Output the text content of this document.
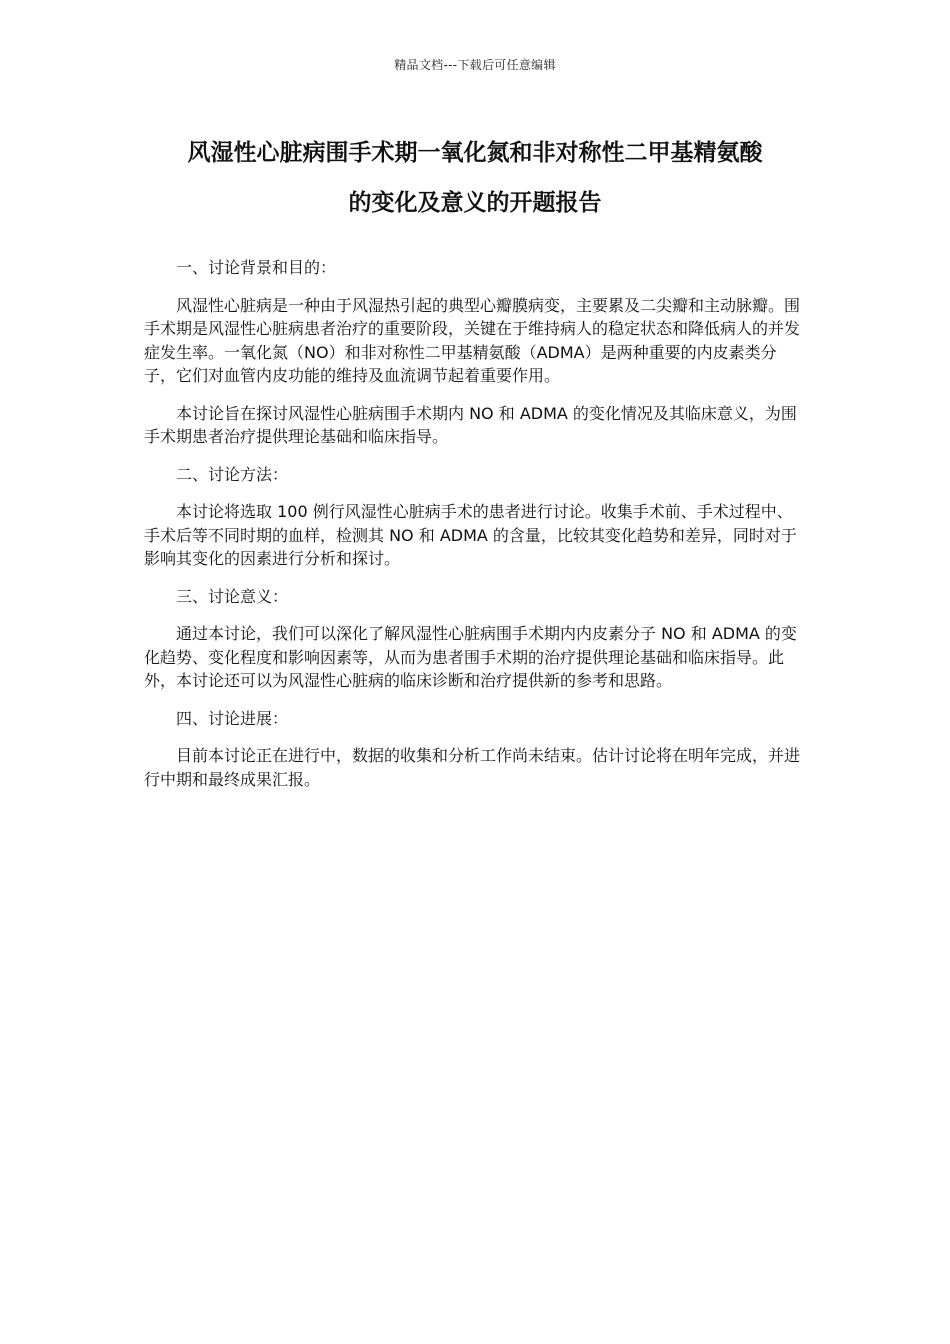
精品文档---下载后可任意编辑
风湿性心脏病围手术期一氧化氮和非对称性二甲基精氨酸
的变化及意义的开题报告

一、讨论背景和目的：

风湿性心脏病是一种由于风湿热引起的典型心瓣膜病变，主要累及二尖瓣和主动脉瓣。围手术期是风湿性心脏病患者治疗的重要阶段，关键在于维持病人的稳定状态和降低病人的并发症发生率。一氧化氮（NO）和非对称性二甲基精氨酸（ADMA）是两种重要的内皮素类分子，它们对血管内皮功能的维持及血流调节起着重要作用。

本讨论旨在探讨风湿性心脏病围手术期内 NO 和 ADMA 的变化情况及其临床意义，为围手术期患者治疗提供理论基础和临床指导。

二、讨论方法：

本讨论将选取 100 例行风湿性心脏病手术的患者进行讨论。收集手术前、手术过程中、手术后等不同时期的血样，检测其 NO 和 ADMA 的含量，比较其变化趋势和差异，同时对于影响其变化的因素进行分析和探讨。

三、讨论意义：

通过本讨论，我们可以深化了解风湿性心脏病围手术期内内皮素分子 NO 和 ADMA 的变化趋势、变化程度和影响因素等，从而为患者围手术期的治疗提供理论基础和临床指导。此外，本讨论还可以为风湿性心脏病的临床诊断和治疗提供新的参考和思路。

四、讨论进展：

目前本讨论正在进行中，数据的收集和分析工作尚未结束。估计讨论将在明年完成，并进行中期和最终成果汇报。
